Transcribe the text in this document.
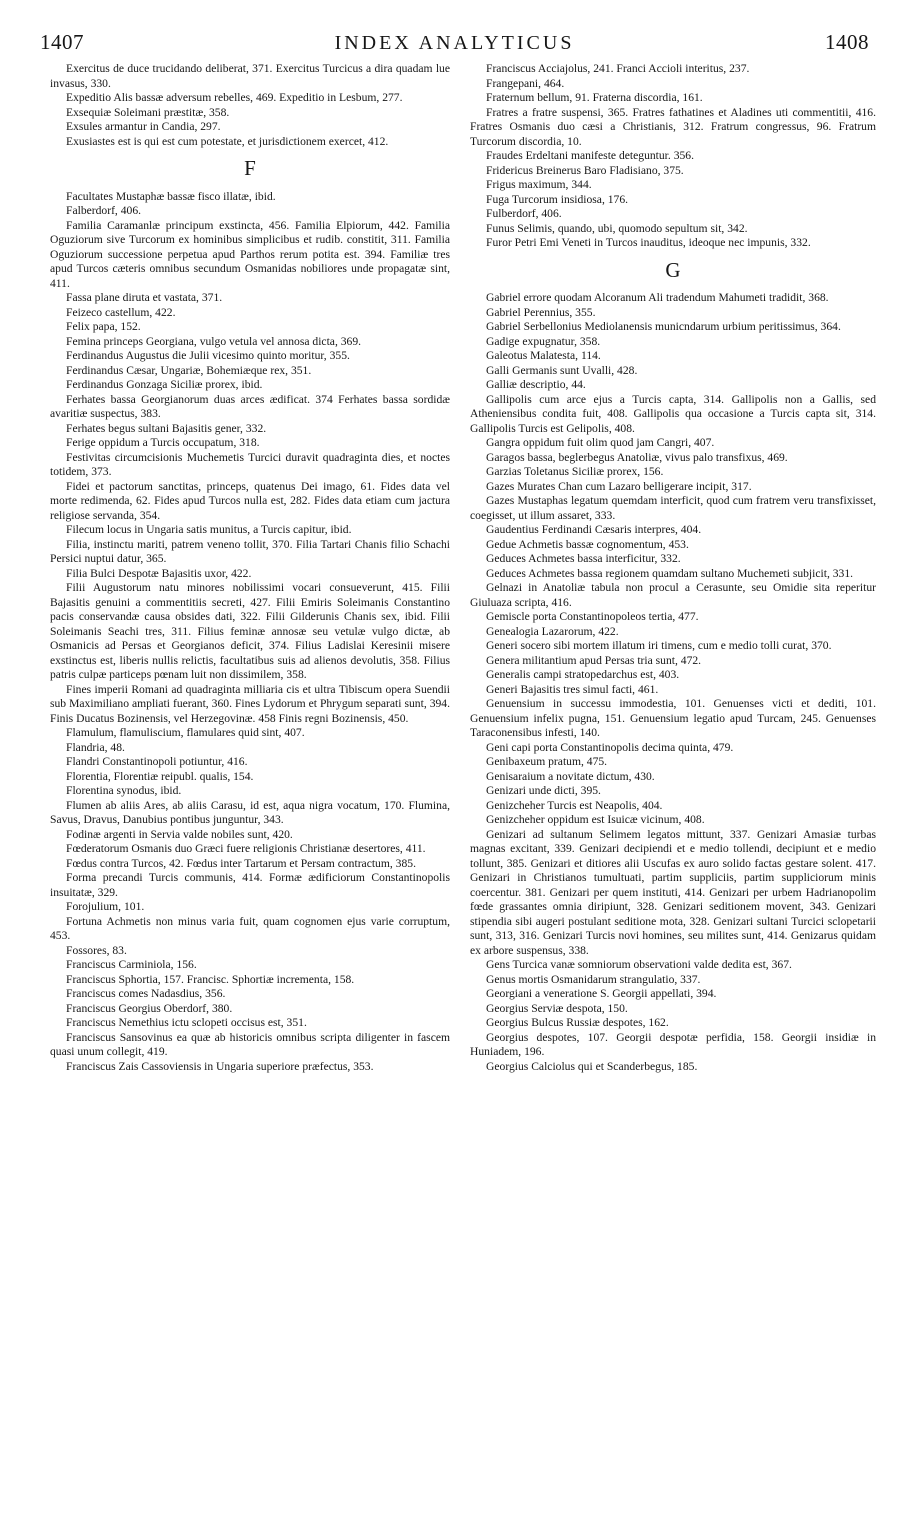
1407	INDEX ANALYTICUS	1408

Exercitus de duce trucidando deliberat, 371. Exercitus Turcicus a dira quadam lue invasus, 330.

Expeditio Alis bassæ adversum rebelles, 469. Expeditio in Lesbum, 277.

Exsequiæ Soleimani præstitæ, 358.

Exsules armantur in Candia, 297.

Exusiastes est is qui est cum potestate, et jurisdictionem exercet, 412.

F

Facultates Mustaphæ bassæ fisco illatæ, ibid.

Falberdorf, 406.

Familia Caramanlæ principum exstincta, 456. Familia Elpiorum, 442. Familia Oguziorum sive Turcorum ex hominibus simplicibus et rudib. constitit, 311. Familia Oguziorum successione perpetua apud Parthos rerum potita est. 394. Familiæ tres apud Turcos cæteris omnibus secundum Osmanidas nobiliores unde propagatæ sint, 411.

Fassa plane diruta et vastata, 371.

Feizeco castellum, 422.

Felix papa, 152.

Femina princeps Georgiana, vulgo vetula vel annosa dicta, 369.

Ferdinandus Augustus die Julii vicesimo quinto moritur, 355.

Ferdinandus Cæsar, Ungariæ, Bohemiæque rex, 351.

Ferdinandus Gonzaga Siciliæ prorex, ibid.

Ferhates bassa Georgianorum duas arces ædificat. 374 Ferhates bassa sordidæ avaritiæ suspectus, 383.

Ferhates begus sultani Bajasitis gener, 332.

Ferige oppidum a Turcis occupatum, 318.

Festivitas circumcisionis Muchemetis Turcici duravit quadraginta dies, et noctes totidem, 373.

Fidei et pactorum sanctitas, princeps, quatenus Dei imago, 61. Fides data vel morte redimenda, 62. Fides apud Turcos nulla est, 282. Fides data etiam cum jactura religiose servanda, 354.

Filecum locus in Ungaria satis munitus, a Turcis capitur, ibid.

Filia, instinctu mariti, patrem veneno tollit, 370. Filia Tartari Chanis filio Schachi Persici nuptui datur, 365.

Filia Bulci Despotæ Bajasitis uxor, 422.

Filii Augustorum natu minores nobilissimi vocari consueverunt, 415. Filii Bajasitis genuini a commentitiis secreti, 427. Filii Emiris Soleimanis Constantino pacis conservandæ causa obsides dati, 322. Filii Gilderunis Chanis sex, ibid. Filii Soleimanis Seachi tres, 311. Filius feminæ annosæ seu vetulæ vulgo dictæ, ab Osmanicis ad Persas et Georgianos deficit, 374. Filius Ladislai Keresinii misere exstinctus est, liberis nullis relictis, facultatibus suis ad alienos devolutis, 358. Filius patris culpæ particeps pœnam luit non dissimilem, 358.

Fines imperii Romani ad quadraginta milliaria cis et ultra Tibiscum opera Suendii sub Maximiliano ampliati fuerant, 360. Fines Lydorum et Phrygum separati sunt, 394. Finis Ducatus Bozinensis, vel Herzegovinæ. 458 Finis regni Bozinensis, 450.

Flamulum, flamuliscium, flamulares quid sint, 407.

Flandria, 48.

Flandri Constantinopoli potiuntur, 416.

Florentia, Florentiæ reipubl. qualis, 154.

Florentina synodus, ibid.

Flumen ab aliis Ares, ab aliis Carasu, id est, aqua nigra vocatum, 170. Flumina, Savus, Dravus, Danubius pontibus junguntur, 343.

Fodinæ argenti in Servia valde nobiles sunt, 420.

Fœderatorum Osmanis duo Græci fuere religionis Christianæ desertores, 411.

Fœdus contra Turcos, 42. Fœdus inter Tartarum et Persam contractum, 385.

Forma precandi Turcis communis, 414. Formæ ædificiorum Constantinopolis insuitatæ, 329.

Forojulium, 101.

Fortuna Achmetis non minus varia fuit, quam cognomen ejus varie corruptum, 453.

Fossores, 83.

Franciscus Carminiola, 156.

Franciscus Sphortia, 157. Francisc. Sphortiæ incrementa, 158.

Franciscus comes Nadasdius, 356.

Franciscus Georgius Oberdorf, 380.

Franciscus Nemethius ictu sclopeti occisus est, 351.

Franciscus Sansovinus ea quæ ab historicis omnibus scripta diligenter in fascem quasi unum collegit, 419.

Franciscus Zais Cassoviensis in Ungaria superiore præfectus, 353.

Franciscus Acciajolus, 241. Franci Accioli interitus, 237.

Frangepani, 464.

Fraternum bellum, 91. Fraterna discordia, 161.

Fratres a fratre suspensi, 365. Fratres fathatines et Aladines uti commentitii, 416. Fratres Osmanis duo cæsi a Christianis, 312. Fratrum congressus, 96. Fratrum Turcorum discordia, 10.

Fraudes Erdeltani manifeste deteguntur. 356.

Fridericus Breinerus Baro Fladisiano, 375.

Frigus maximum, 344.

Fuga Turcorum insidiosa, 176.

Fulberdorf, 406.

Funus Selimis, quando, ubi, quomodo sepultum sit, 342.

Furor Petri Emi Veneti in Turcos inauditus, ideoque nec impunis, 332.

G

Gabriel errore quodam Alcoranum Ali tradendum Mahumeti tradidit, 368.

Gabriel Perennius, 355.

Gabriel Serbellonius Mediolanensis municndarum urbium peritissimus, 364.

Gadige expugnatur, 358.

Galeotus Malatesta, 114.

Galli Germanis sunt Uvalli, 428.

Galliæ descriptio, 44.

Gallipolis cum arce ejus a Turcis capta, 314. Gallipolis non a Gallis, sed Atheniensibus condita fuit, 408. Gallipolis qua occasione a Turcis capta sit, 314. Gallipolis Turcis est Gelipolis, 408.

Gangra oppidum fuit olim quod jam Cangri, 407.

Garagos bassa, beglerbegus Anatoliæ, vivus palo transfixus, 469.

Garzias Toletanus Siciliæ prorex, 156.

Gazes Murates Chan cum Lazaro belligerare incipit, 317.

Gazes Mustaphas legatum quemdam interficit, quod cum fratrem veru transfixisset, coegisset, ut illum assaret, 333.

Gaudentius Ferdinandi Cæsaris interpres, 404.

Gedue Achmetis bassæ cognomentum, 453.

Geduces Achmetes bassa interficitur, 332.

Geduces Achmetes bassa regionem quamdam sultano Muchemeti subjicit, 331.

Gelnazi in Anatoliæ tabula non procul a Cerasunte, seu Omidie sita reperitur Giuluaza scripta, 416.

Gemiscle porta Constantinopoleos tertia, 477.

Genealogia Lazarorum, 422.

Generi socero sibi mortem illatum iri timens, cum e medio tolli curat, 370.

Genera militantium apud Persas tria sunt, 472.

Generalis campi stratopedarchus est, 403.

Generi Bajasitis tres simul facti, 461.

Genuensium in successu immodestia, 101. Genuenses victi et dediti, 101. Genuensium infelix pugna, 151. Genuensium legatio apud Turcam, 245. Genuenses Taraconensibus infesti, 140.

Geni capi porta Constantinopolis decima quinta, 479.

Genibaxeum pratum, 475.

Genisaraium a novitate dictum, 430.

Genizari unde dicti, 395.

Genizcheher Turcis est Neapolis, 404.

Genizcheher oppidum est Isuicæ vicinum, 408.

Genizari ad sultanum Selimem legatos mittunt, 337. Genizari Amasiæ turbas magnas excitant, 339. Genizari decipiendi et e medio tollendi, decipiunt et e medio tollunt, 385. Genizari et ditiores alii Uscufas ex auro solido factas gestare solent. 417. Genizari in Christianos tumultuati, partim suppliciis, partim suppliciorum minis coercentur. 381. Genizari per quem instituti, 414. Genizari per urbem Hadrianopolim fœde grassantes omnia diripiunt, 328. Genizari seditionem movent, 343. Genizari stipendia sibi augeri postulant seditione mota, 328. Genizari sultani Turcici sclopetarii sunt, 313, 316. Genizari Turcis novi homines, seu milites sunt, 414. Genizarus quidam ex arbore suspensus, 338.

Gens Turcica vanæ somniorum observationi valde dedita est, 367.

Genus mortis Osmanidarum strangulatio, 337.

Georgiani a veneratione S. Georgii appellati, 394.

Georgius Serviæ despota, 150.

Georgius Bulcus Russiæ despotes, 162.

Georgius despotes, 107. Georgii despotæ perfidia, 158. Georgii insidiæ in Huniadem, 196.

Georgius Calciolus qui et Scanderbegus, 185.
